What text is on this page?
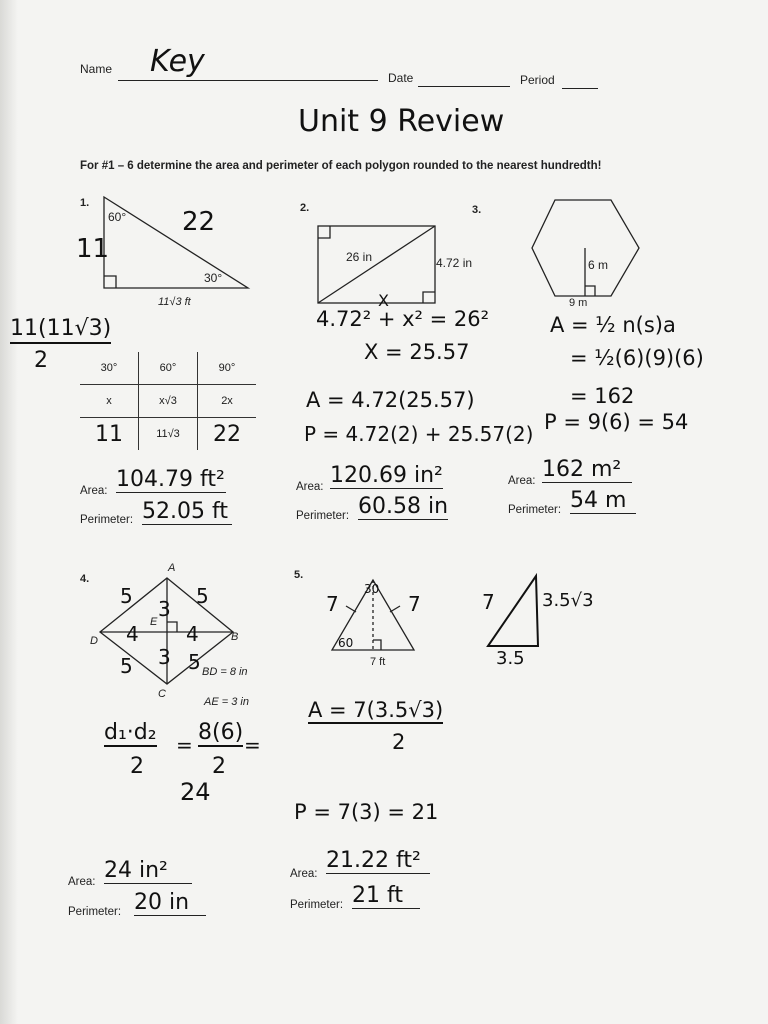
Name Key	Date	Period
Unit 9 Review
For #1 – 6 determine the area and perimeter of each polygon rounded to the nearest hundredth!
1.
60°
30°
22
11
11√3 ft
11(11√3)
2	30°	60°	90°
x	x√3	2x
11	11√3	22
Area: 104.79 ft²
Perimeter: 52.05 ft
2.
26 in	4.72 in
X
4.72² + x² = 26²
X = 25.57
A = 4.72(25.57)
P = 4.72(2) + 25.57(2)
Area: 120.69 in²
Perimeter: 60.58 in
3.
6 m
9 m
A = ½ n(s)a
= ½(6)(9)(6)
= 162
P = 9(6) = 54
Area: 162 m²
Perimeter: 54 m
4.
A
B
C
D
E
5	5
5	5
4 4
3
3
BD = 8 in
AE = 3 in
d₁·d₂
2
= 8(6)
2
=
24
Area: 24 in²
Perimeter: 20 in
5.
7	7
30
60
7 ft
7	3.5√3
3.5
A = 7(3.5√3)
2
P = 7(3) = 21
Area:
21.22 ft²
Perimeter: 21 ft
